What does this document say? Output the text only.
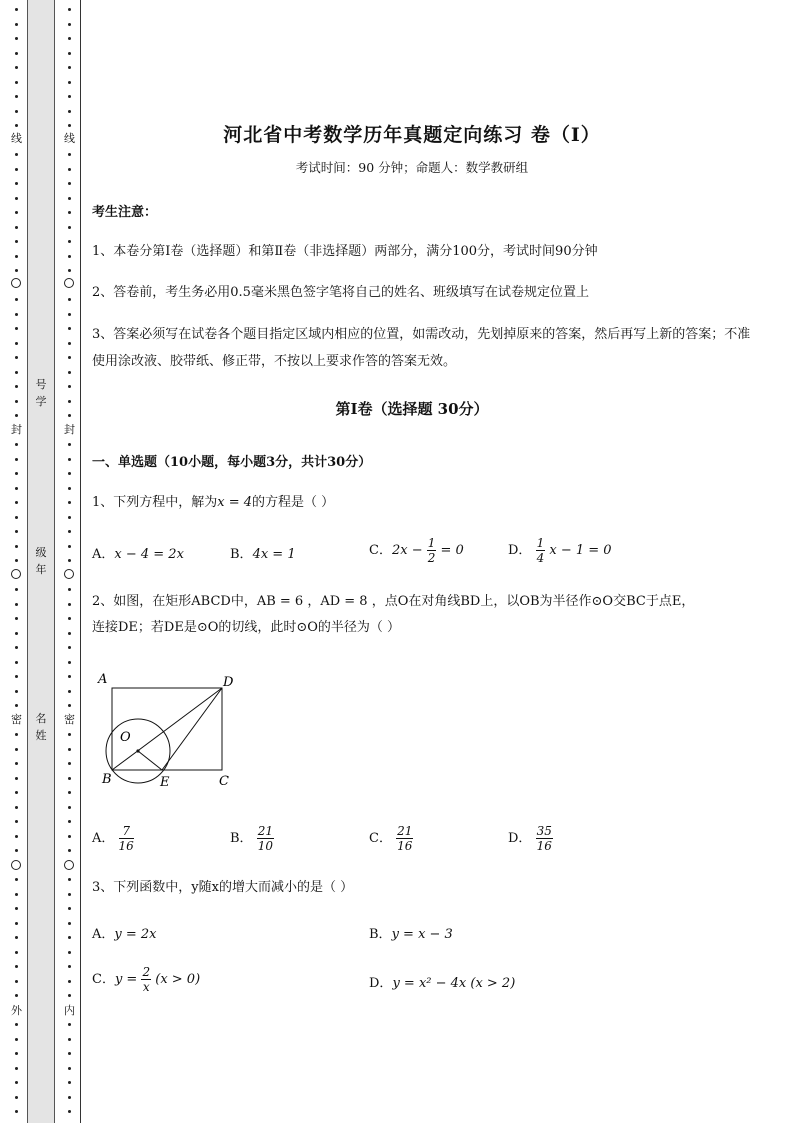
线
封
密
外
线
封
密
内
号学
级年
名姓
河北省中考数学历年真题定向练习 卷（Ⅰ）
考试时间：90 分钟；命题人：数学教研组
考生注意：
1、本卷分第Ⅰ卷（选择题）和第Ⅱ卷（非选择题）两部分，满分100分，考试时间90分钟
2、答卷前，考生务必用0.5毫米黑色签字笔将自己的姓名、班级填写在试卷规定位置上
3、答案必须写在试卷各个题目指定区域内相应的位置，如需改动，先划掉原来的答案，然后再写上新的答案；不准使用涂改液、胶带纸、修正带，不按以上要求作答的答案无效。
第Ⅰ卷（选择题 30分）
一、单选题（10小题，每小题3分，共计30分）
1、下列方程中，解为x = 4的方程是（ ）
A．x − 4 = 2x	B．4x = 1	C．$2x - \frac{1}{2} = 0$	D． $\frac{1}{4}$ x − 1 = 0
2、如图，在矩形ABCD中，AB = 6 ，AD = 8 ，点O在对角线BD上，以OB为半径作⊙O交BC于点E，
连接DE；若DE是⊙O的切线，此时⊙O的半径为（ ）
A	D
O
B	E	C
A． $\frac{7}{16}$	B． $\frac{21}{10}$	C． $\frac{21}{16}$	D． $\frac{35}{16}$
3、下列函数中，y随x的增大而减小的是（ ）
A．y = 2x	B．y = x − 3
C．$y = \frac{2}{x} (x > 0)$	D．y = x² − 4x (x > 2)
